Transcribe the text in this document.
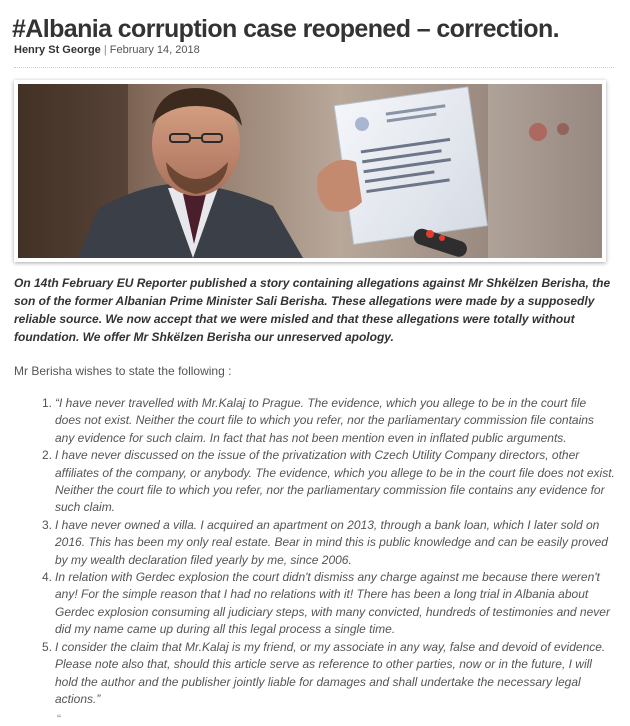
#Albania corruption case reopened – correction.
Henry St George | February 14, 2018

On 14th February EU Reporter published a story containing allegations against Mr Shkëlzen Berisha, the son of the former Albanian Prime Minister Sali Berisha. These allegations were made by a supposedly reliable source. We now accept that we were misled and that these allegations were totally without foundation. We offer Mr Shkëlzen Berisha our unreserved apology.

Mr Berisha wishes to state the following :

1. “I have never travelled with Mr.Kalaj to Prague. The evidence, which you allege to be in the court file does not exist. Neither the court file to which you refer, nor the parliamentary commission file contains any evidence for such claim. In fact that has not been mention even in inflated public arguments.
2. I have never discussed on the issue of the privatization with Czech Utility Company directors, other affiliates of the company, or anybody. The evidence, which you allege to be in the court file does not exist. Neither the court file to which you refer, nor the parliamentary commission file contains any evidence for such claim.
3. I have never owned a villa. I acquired an apartment on 2013, through a bank loan, which I later sold on 2016. This has been my only real estate. Bear in mind this is public knowledge and can be easily proved by my wealth declaration filed yearly by me, since 2006.
4. In relation with Gerdec explosion the court didn't dismiss any charge against me because there weren't any! For the simple reason that I had no relations with it! There has been a long trial in Albania about Gerdec explosion consuming all judiciary steps, with many convicted, hundreds of testimonies and never did my name came up during all this legal process a single time.
5. I consider the claim that Mr.Kalaj is my friend, or my associate in any way, false and devoid of evidence. Please note also that, should this article serve as reference to other parties, now or in the future, I will hold the author and the publisher jointly liable for damages and shall undertake the necessary legal actions.”
“
